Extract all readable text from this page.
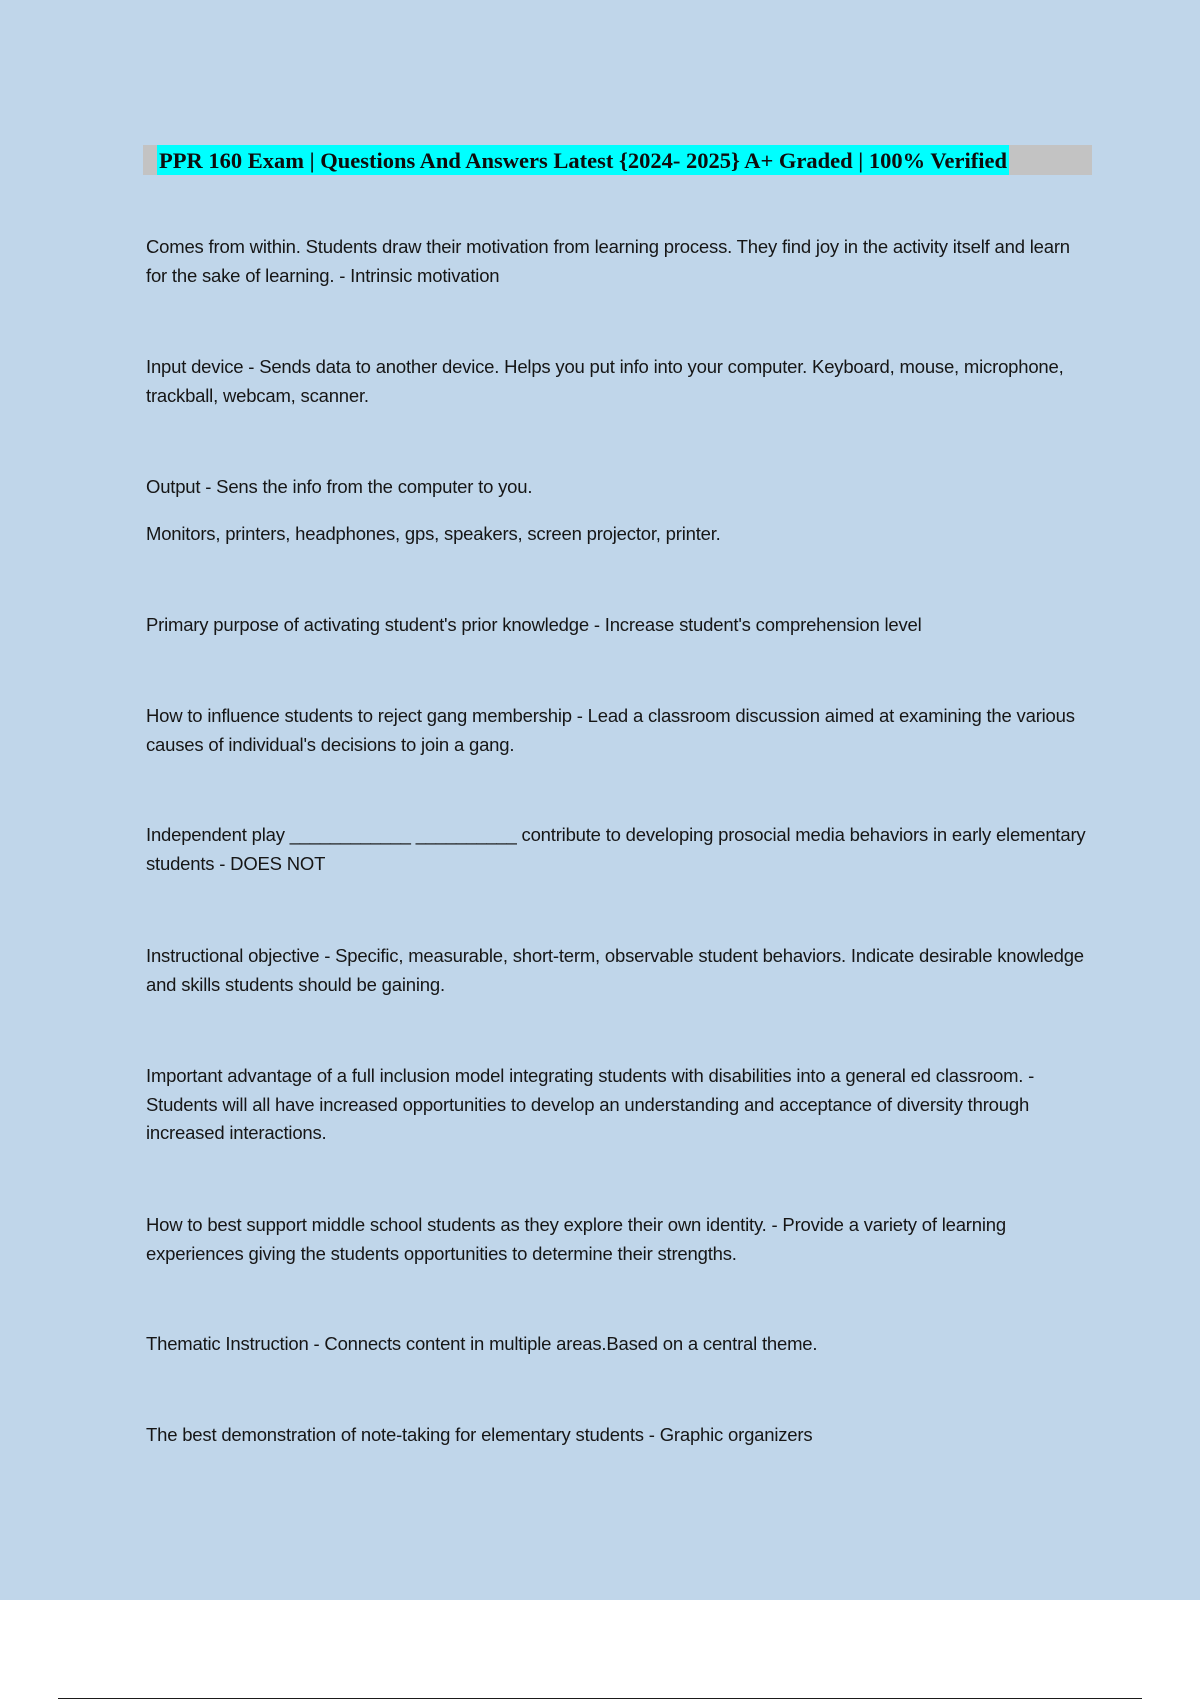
PPR 160 Exam | Questions And Answers Latest {2024- 2025} A+ Graded | 100% Verified

Comes from within. Students draw their motivation from learning process. They find joy in the activity itself and learn for the sake of learning. - Intrinsic motivation

Input device - Sends data to another device. Helps you put info into your computer. Keyboard, mouse, microphone, trackball, webcam, scanner.

Output - Sens the info from the computer to you.

Monitors, printers, headphones, gps, speakers, screen projector, printer.

Primary purpose of activating student's prior knowledge - Increase student's comprehension level

How to influence students to reject gang membership - Lead a classroom discussion aimed at examining the various causes of individual's decisions to join a gang.

Independent play ____________ __________ contribute to developing prosocial media behaviors in early elementary students - DOES NOT

Instructional objective - Specific, measurable, short-term, observable student behaviors. Indicate desirable knowledge and skills students should be gaining.

Important advantage of a full inclusion model integrating students with disabilities into a general ed classroom. - Students will all have increased opportunities to develop an understanding and acceptance of diversity through increased interactions.

How to best support middle school students as they explore their own identity. - Provide a variety of learning experiences giving the students opportunities to determine their strengths.

Thematic Instruction - Connects content in multiple areas.Based on a central theme.

The best demonstration of note-taking for elementary students - Graphic organizers
